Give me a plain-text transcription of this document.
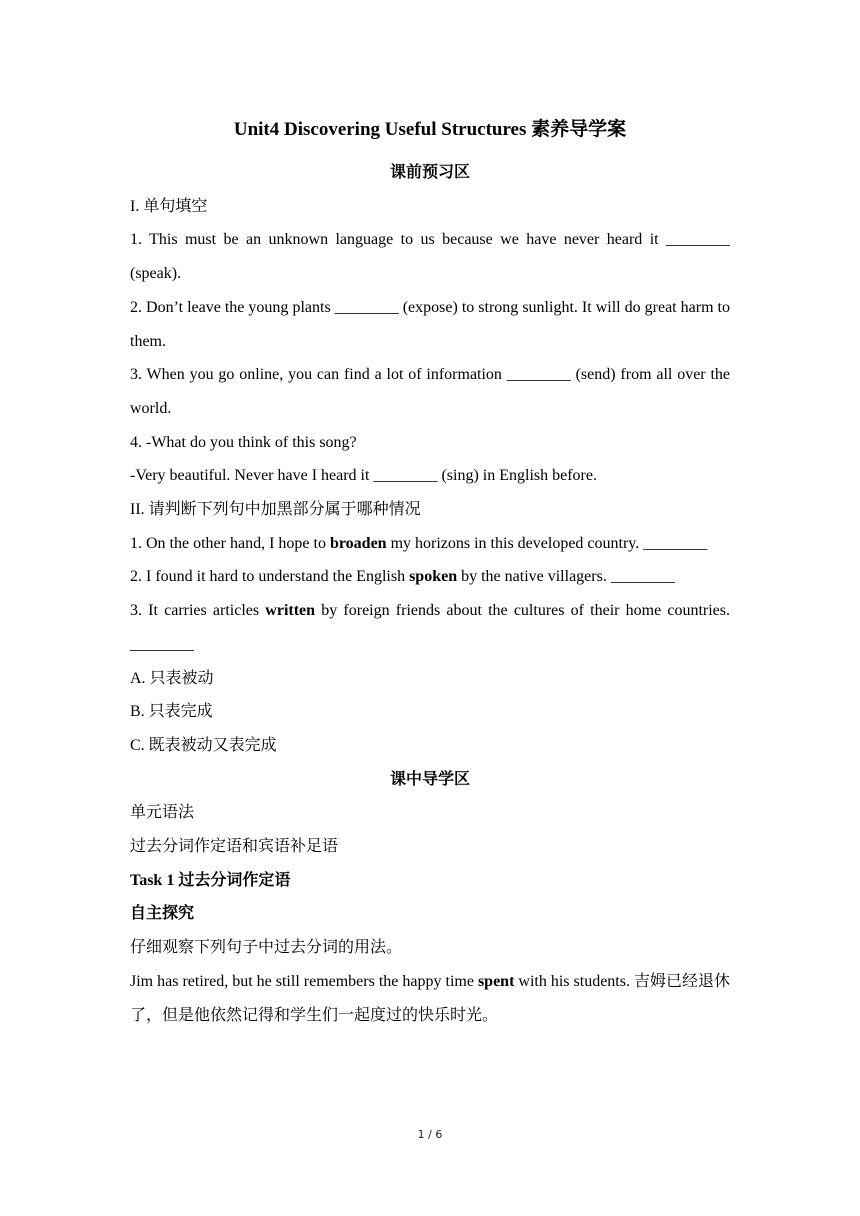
Unit4 Discovering Useful Structures 素养导学案

课前预习区

I. 单句填空

1. This must be an unknown language to us because we have never heard it ________ (speak).

2. Don’t leave the young plants ________ (expose) to strong sunlight. It will do great harm to them.

3. When you go online, you can find a lot of information ________ (send) from all over the world.

4. -What do you think of this song?

-Very beautiful. Never have I heard it ________ (sing) in English before.

II. 请判断下列句中加黑部分属于哪种情况

1. On the other hand, I hope to broaden my horizons in this developed country. ________

2. I found it hard to understand the English spoken by the native villagers. ________

3. It carries articles written by foreign friends about the cultures of their home countries. ________

A. 只表被动

B. 只表完成

C. 既表被动又表完成

课中导学区

单元语法

过去分词作定语和宾语补足语

Task 1 过去分词作定语

自主探究

仔细观察下列句子中过去分词的用法。

Jim has retired, but he still remembers the happy time spent with his students. 吉姆已经退休了，但是他依然记得和学生们一起度过的快乐时光。

1 / 6
